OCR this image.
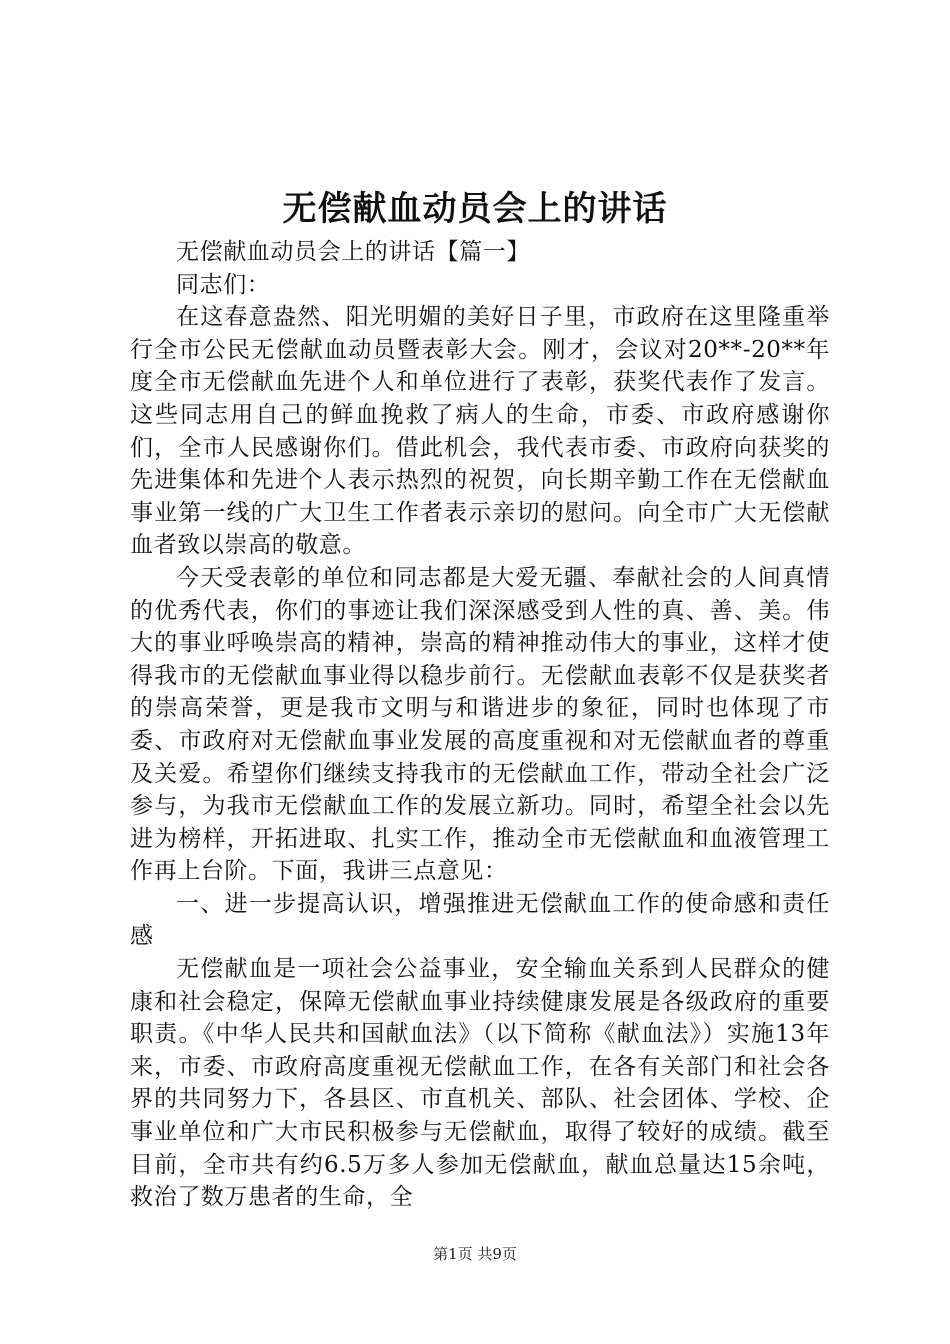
无偿献血动员会上的讲话

无偿献血动员会上的讲话【篇一】

同志们：

在这春意盎然、阳光明媚的美好日子里，市政府在这里隆重举行全市公民无偿献血动员暨表彰大会。刚才，会议对20**-20**年度全市无偿献血先进个人和单位进行了表彰，获奖代表作了发言。这些同志用自己的鲜血挽救了病人的生命，市委、市政府感谢你们，全市人民感谢你们。借此机会，我代表市委、市政府向获奖的先进集体和先进个人表示热烈的祝贺，向长期辛勤工作在无偿献血事业第一线的广大卫生工作者表示亲切的慰问。向全市广大无偿献血者致以崇高的敬意。

今天受表彰的单位和同志都是大爱无疆、奉献社会的人间真情的优秀代表，你们的事迹让我们深深感受到人性的真、善、美。伟大的事业呼唤崇高的精神，崇高的精神推动伟大的事业，这样才使得我市的无偿献血事业得以稳步前行。无偿献血表彰不仅是获奖者的崇高荣誉，更是我市文明与和谐进步的象征，同时也体现了市委、市政府对无偿献血事业发展的高度重视和对无偿献血者的尊重及关爱。希望你们继续支持我市的无偿献血工作，带动全社会广泛参与，为我市无偿献血工作的发展立新功。同时，希望全社会以先进为榜样，开拓进取、扎实工作，推动全市无偿献血和血液管理工作再上台阶。下面，我讲三点意见：

一、进一步提高认识，增强推进无偿献血工作的使命感和责任感

无偿献血是一项社会公益事业，安全输血关系到人民群众的健康和社会稳定，保障无偿献血事业持续健康发展是各级政府的重要职责。《中华人民共和国献血法》（以下简称《献血法》）实施13年来，市委、市政府高度重视无偿献血工作，在各有关部门和社会各界的共同努力下，各县区、市直机关、部队、社会团体、学校、企事业单位和广大市民积极参与无偿献血，取得了较好的成绩。截至目前，全市共有约6.5万多人参加无偿献血，献血总量达15余吨，救治了数万患者的生命，全

第1页 共9页
